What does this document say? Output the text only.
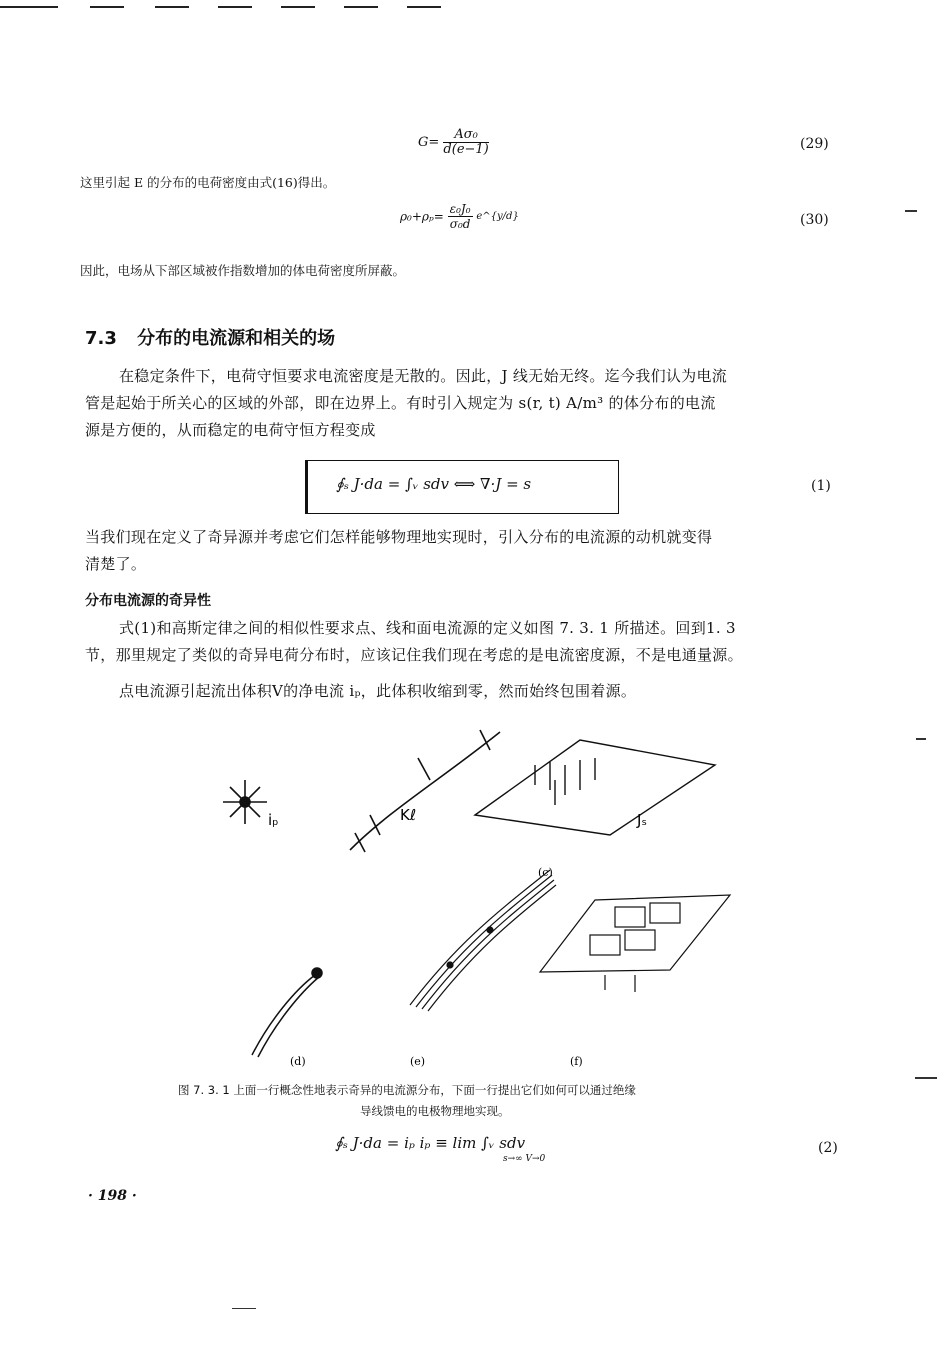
$G= \frac{\text{Aσ₀}}{d(e-1)}$	(29)
这里引起 E 的分布的电荷密度由式(16)得出。
$\rho_0+\rho_p= \frac{\text{ε₀J₀}}{\text{σ₀d}}$ e^{y/d}	(30)
因此，电场从下部区域被作指数增加的体电荷密度所屏蔽。
7.3 分布的电流源和相关的场
在稳定条件下，电荷守恒要求电流密度是无散的。因此，J 线无始无终。迄今我们认为电流
管是起始于所关心的区域的外部，即在边界上。有时引入规定为 s(r, t) A/m³ 的体分布的电流
源是方便的，从而稳定的电荷守恒方程变成
∮ₛ J·da = ∫ᵥ sdv ⟺ ∇·J = s	(1)
当我们现在定义了奇异源并考虑它们怎样能够物理地实现时，引入分布的电流源的动机就变得
清楚了。
分布电流源的奇异性
式(1)和高斯定律之间的相似性要求点、线和面电流源的定义如图 7. 3. 1 所描述。回到1. 3
节，那里规定了类似的奇异电荷分布时，应该记住我们现在考虑的是电流密度源，不是电通量源。
点电流源引起流出体积V的净电流 iₚ，此体积收缩到零，然而始终包围着源。
iₚ	Kℓ	Jₛ
(c)
(d)	(e)	(f)
图 7. 3. 1 上面一行概念性地表示奇异的电流源分布，下面一行提出它们如何可以通过绝缘
导线馈电的电极物理地实现。
∮ₛ J·da = iₚ iₚ ≡ lim ∫ᵥ sdv
s→∞ V→0
(2)
· 198 ·
